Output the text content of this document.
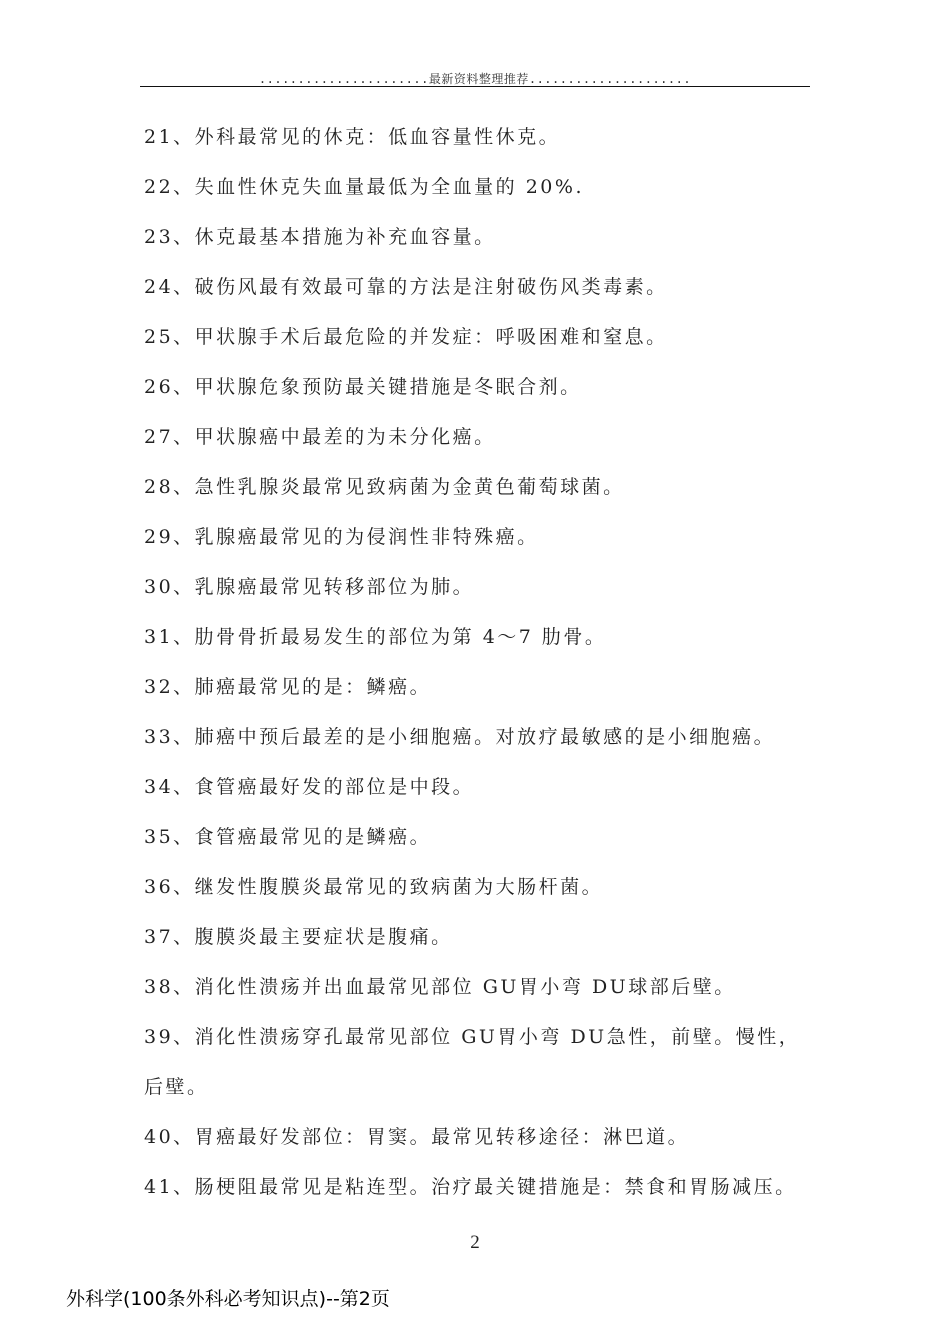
......................最新资料整理推荐.....................

21、外科最常见的休克：低血容量性休克。

22、失血性休克失血量最低为全血量的 20%.

23、休克最基本措施为补充血容量。

24、破伤风最有效最可靠的方法是注射破伤风类毒素。

25、甲状腺手术后最危险的并发症：呼吸困难和窒息。

26、甲状腺危象预防最关键措施是冬眠合剂。

27、甲状腺癌中最差的为未分化癌。

28、急性乳腺炎最常见致病菌为金黄色葡萄球菌。

29、乳腺癌最常见的为侵润性非特殊癌。

30、乳腺癌最常见转移部位为肺。

31、肋骨骨折最易发生的部位为第 4～7 肋骨。

32、肺癌最常见的是：鳞癌。

33、肺癌中预后最差的是小细胞癌。对放疗最敏感的是小细胞癌。

34、食管癌最好发的部位是中段。

35、食管癌最常见的是鳞癌。

36、继发性腹膜炎最常见的致病菌为大肠杆菌。

37、腹膜炎最主要症状是腹痛。

38、消化性溃疡并出血最常见部位 GU胃小弯 DU球部后壁。

39、消化性溃疡穿孔最常见部位 GU胃小弯 DU急性，前壁。慢性，后壁。

40、胃癌最好发部位：胃窦。最常见转移途径：淋巴道。

41、肠梗阻最常见是粘连型。治疗最关键措施是：禁食和胃肠减压。

2
外科学(100条外科必考知识点)--第2页
